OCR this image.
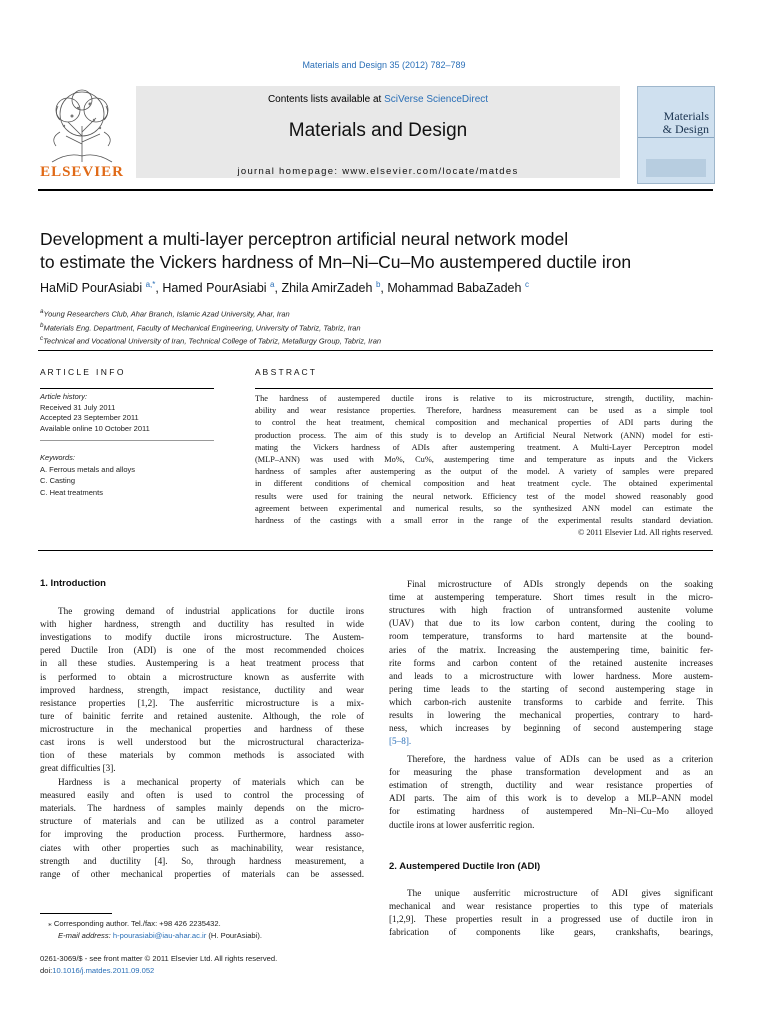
Materials and Design 35 (2012) 782–789
ELSEVIER
Contents lists available at SciVerse ScienceDirect
Materials and Design
journal homepage: www.elsevier.com/locate/matdes
Materials
& Design
Development a multi-layer perceptron artificial neural network model
to estimate the Vickers hardness of Mn–Ni–Cu–Mo austempered ductile iron
HaMiD PourAsiabi $^{a,*}$, Hamed PourAsiabi $^a$, Zhila AmirZadeh $^b$, Mohammad BabaZadeh $^c$
$^a$Young Researchers Club, Ahar Branch, Islamic Azad University, Ahar, Iran
$^b$Materials Eng. Department, Faculty of Mechanical Engineering, University of Tabriz, Tabriz, Iran
$^c$Technical and Vocational University of Iran, Technical College of Tabriz, Metallurgy Group, Tabriz, Iran
A R T I C L E   I N F O
Article history:
Received 31 July 2011
Accepted 23 September 2011
Available online 10 October 2011
Keywords:
A. Ferrous metals and alloys
C. Casting
C. Heat treatments
A B S T R A C T
The hardness of austempered ductile irons is relative to its microstructure, strength, ductility, machin-
ability and wear resistance properties. Therefore, hardness measurement can be used as a simple tool
to control the heat treatment, chemical composition and mechanical properties of ADI parts during the
production process. The aim of this study is to develop an Artificial Neural Network (ANN) model for esti-
mating the Vickers hardness of ADIs after austempering treatment. A Multi-Layer Perceptron model
(MLP–ANN) was used with Mo%, Cu%, austempering time and temperature as inputs and the Vickers
hardness of samples after austempering as the output of the model. A variety of samples were prepared
in different conditions of chemical composition and heat treatment cycle. The obtained experimental
results were used for training the neural network. Efficiency test of the model showed reasonably good
agreement between experimental and numerical results, so the synthesized ANN model can estimate the
hardness of the castings with a small error in the range of the experimental results standard deviation.
© 2011 Elsevier Ltd. All rights reserved.
1. Introduction
The growing demand of industrial applications for ductile irons
with higher hardness, strength and ductility has resulted in wide
investigations to modify ductile irons microstructure. The Austem-
pered Ductile Iron (ADI) is one of the most recommended choices
in all these studies. Austempering is a heat treatment process that
is performed to obtain a microstructure known as ausferrite with
improved hardness, strength, impact resistance, ductility and wear
resistance properties [1,2]. The ausferritic microstructure is a mix-
ture of bainitic ferrite and retained austenite. Although, the role of
microstructure in the mechanical properties and hardness of these
cast irons is well understood but the microstructural characteriza-
tion of these materials by common methods is associated with
great difficulties [3].
Hardness is a mechanical property of materials which can be
measured easily and often is used to control the processing of
materials. The hardness of samples mainly depends on the micro-
structure of materials and can be utilized as a control parameter
for improving the production process. Furthermore, hardness asso-
ciates with other properties such as machinability, wear resistance,
strength and ductility [4]. So, through hardness measurement, a
range of other mechanical properties of materials can be assessed.
⁎ Corresponding author. Tel./fax: +98 426 2235432.
E-mail address: h-pourasiabi@iau-ahar.ac.ir (H. PourAsiabi).
0261-3069/$ - see front matter © 2011 Elsevier Ltd. All rights reserved.
doi:10.1016/j.matdes.2011.09.052
Final microstructure of ADIs strongly depends on the soaking
time at austempering temperature. Short times result in the micro-
structures with high fraction of untransformed austenite volume
(UAV) that due to its low carbon content, during the cooling to
room temperature, transforms to hard martensite at the bound-
aries of the matrix. Increasing the austempering time, bainitic fer-
rite forms and carbon content of the retained austenite increases
and leads to a microstructure with lower hardness. More austem-
pering time leads to the starting of second austempering stage in
which carbon-rich austenite transforms to carbide and ferrite. This
results in lowering the mechanical properties, contrary to hard-
ness, which increases by beginning of second austempering stage
[5–8].
Therefore, the hardness value of ADIs can be used as a criterion
for measuring the phase transformation development and as an
estimation of strength, ductility and wear resistance properties of
ADI parts. The aim of this work is to develop a MLP–ANN model
for estimating hardness of austempered Mn–Ni–Cu–Mo alloyed
ductile irons at lower ausferritic region.
2. Austempered Ductile Iron (ADI)
The unique ausferritic microstructure of ADI gives significant
mechanical and wear resistance properties to this type of materials
[1,2,9]. These properties result in a progressed use of ductile iron in
fabrication of components like gears, crankshafts, bearings,
